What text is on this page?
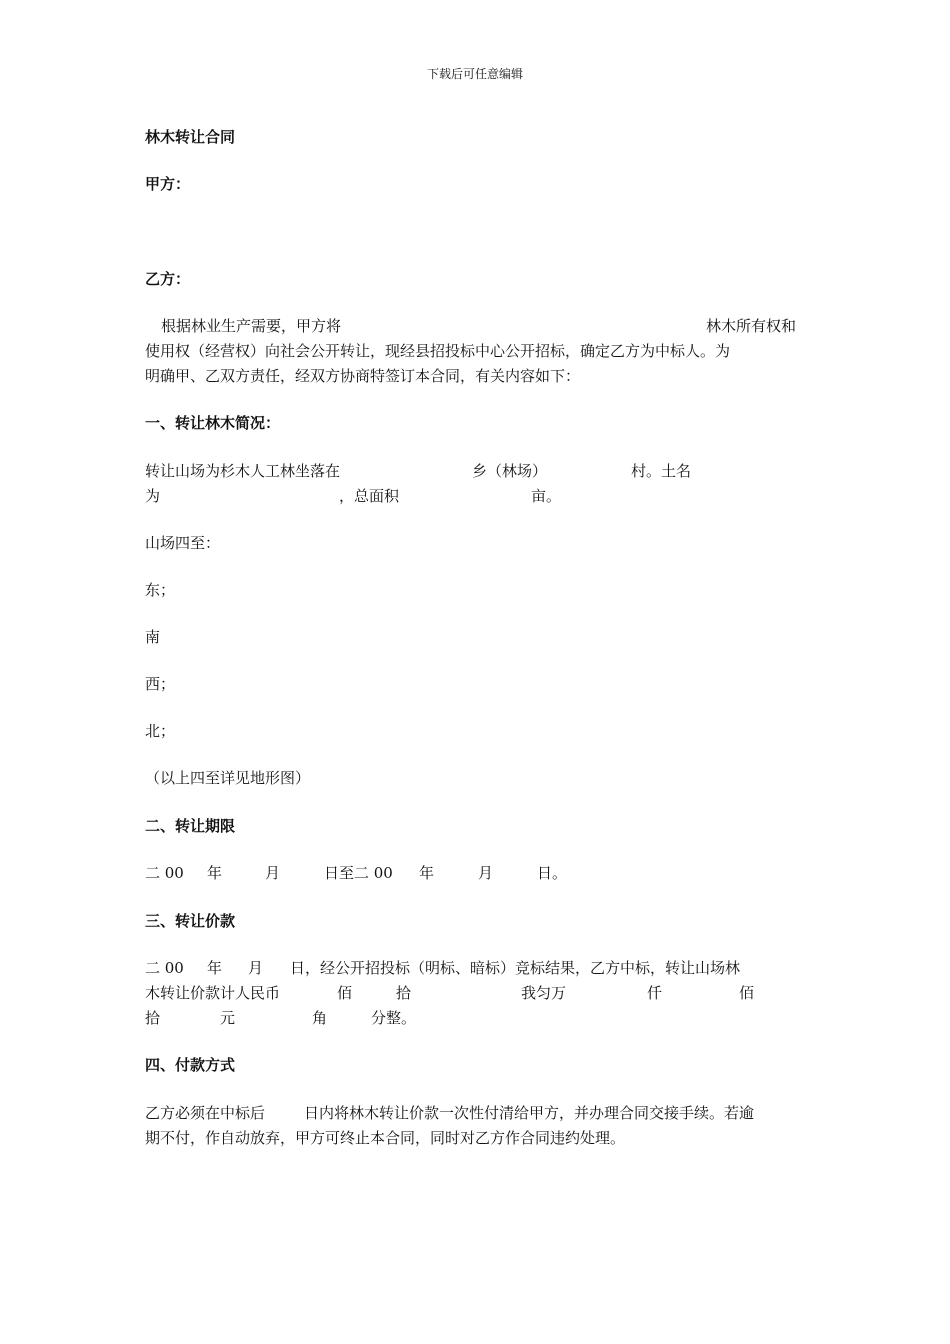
下载后可任意编辑
林木转让合同
甲方：
乙方：
根据林业生产需要，甲方将	林木所有权和
使用权（经营权）向社会公开转让，现经县招投标中心公开招标，确定乙方为中标人。为
明确甲、乙双方责任，经双方协商特签订本合同，有关内容如下：
一、转让林木简况：
转让山场为杉木人工林坐落在	乡（林场）	村。土名
为	，总面积	亩。
山场四至：
东；
南
西；
北；
（以上四至详见地形图）
二、转让期限
二 00 年	月	日至二 00 年	月	日。
三、转让价款
二 00 年 月 日，经公开招投标（明标、暗标）竞标结果，乙方中标，转让山场林
木转让价款计人民币	佰	拾	我匀万	仟	佰
拾	元	角	分整。
四、付款方式
乙方必须在中标后	日内将林木转让价款一次性付清给甲方，并办理合同交接手续。若逾
期不付，作自动放弃，甲方可终止本合同，同时对乙方作合同违约处理。
